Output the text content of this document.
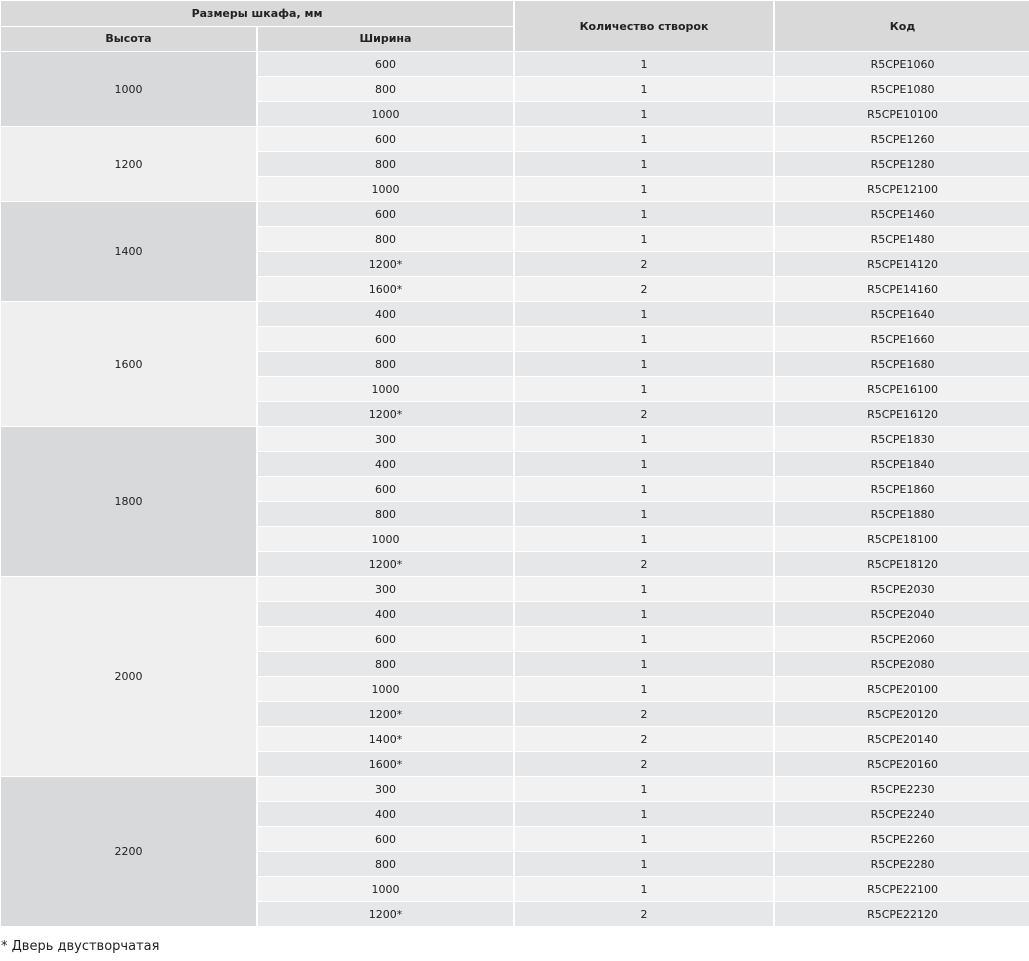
Размеры шкафа, мм		Количество створок	Код
Высота	Ширина		
1000	600	1	R5CPE1060
	800	1	R5CPE1080
	1000	1	R5CPE10100
1200	600	1	R5CPE1260
	800	1	R5CPE1280
	1000	1	R5CPE12100
1400	600	1	R5CPE1460
	800	1	R5CPE1480
	1200*	2	R5CPE14120
	1600*	2	R5CPE14160
1600	400	1	R5CPE1640
	600	1	R5CPE1660
	800	1	R5CPE1680
	1000	1	R5CPE16100
	1200*	2	R5CPE16120
1800	300	1	R5CPE1830
	400	1	R5CPE1840
	600	1	R5CPE1860
	800	1	R5CPE1880
	1000	1	R5CPE18100
	1200*	2	R5CPE18120
2000	300	1	R5CPE2030
	400	1	R5CPE2040
	600	1	R5CPE2060
	800	1	R5CPE2080
	1000	1	R5CPE20100
	1200*	2	R5CPE20120
	1400*	2	R5CPE20140
	1600*	2	R5CPE20160
2200	300	1	R5CPE2230
	400	1	R5CPE2240
	600	1	R5CPE2260
	800	1	R5CPE2280
	1000	1	R5CPE22100
	1200*	2	R5CPE22120
* Дверь двустворчатая
